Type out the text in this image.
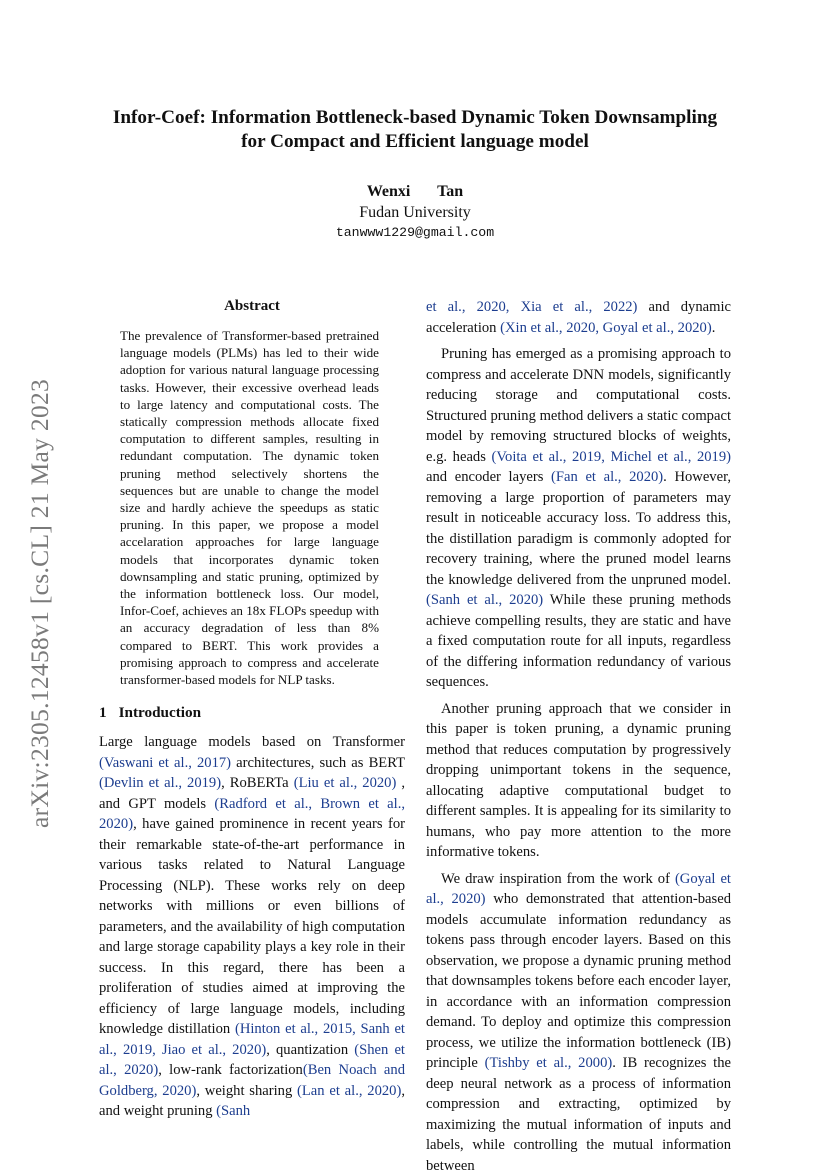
arXiv:2305.12458v1 [cs.CL] 21 May 2023
Infor-Coef: Information Bottleneck-based Dynamic Token Downsampling
for Compact and Efficient language model
Wenxi   Tan
Fudan University
tanwww1229@gmail.com
Abstract

The prevalence of Transformer-based pretrained language models (PLMs) has led to their wide adoption for various natural language processing tasks. However, their excessive overhead leads to large latency and computational costs. The statically compression methods allocate fixed computation to different samples, resulting in redundant computation. The dynamic token pruning method selectively shortens the sequences but are unable to change the model size and hardly achieve the speedups as static pruning. In this paper, we propose a model accelaration approaches for large language models that incorporates dynamic token downsampling and static pruning, optimized by the information bottleneck loss. Our model, Infor-Coef, achieves an 18x FLOPs speedup with an accuracy degradation of less than 8% compared to BERT. This work provides a promising approach to compress and accelerate transformer-based models for NLP tasks.

1 Introduction

Large language models based on Transformer (Vaswani et al., 2017) architectures, such as BERT (Devlin et al., 2019), RoBERTa (Liu et al., 2020) , and GPT models (Radford et al., Brown et al., 2020), have gained prominence in recent years for their remarkable state-of-the-art performance in various tasks related to Natural Language Processing (NLP). These works rely on deep networks with millions or even billions of parameters, and the availability of high computation and large storage capability plays a key role in their success. In this regard, there has been a proliferation of studies aimed at improving the efficiency of large language models, including knowledge distillation (Hinton et al., 2015, Sanh et al., 2019, Jiao et al., 2020), quantization (Shen et al., 2020), low-rank factorization(Ben Noach and Goldberg, 2020), weight sharing (Lan et al., 2020), and weight pruning (Sanh

et al., 2020, Xia et al., 2022) and dynamic acceleration (Xin et al., 2020, Goyal et al., 2020).

Pruning has emerged as a promising approach to compress and accelerate DNN models, significantly reducing storage and computational costs. Structured pruning method delivers a static compact model by removing structured blocks of weights, e.g. heads (Voita et al., 2019, Michel et al., 2019) and encoder layers (Fan et al., 2020). However, removing a large proportion of parameters may result in noticeable accuracy loss. To address this, the distillation paradigm is commonly adopted for recovery training, where the pruned model learns the knowledge delivered from the unpruned model. (Sanh et al., 2020) While these pruning methods achieve compelling results, they are static and have a fixed computation route for all inputs, regardless of the differing information redundancy of various sequences.

Another pruning approach that we consider in this paper is token pruning, a dynamic pruning method that reduces computation by progressively dropping unimportant tokens in the sequence, allocating adaptive computational budget to different samples. It is appealing for its similarity to humans, who pay more attention to the more informative tokens.

We draw inspiration from the work of (Goyal et al., 2020) who demonstrated that attention-based models accumulate information redundancy as tokens pass through encoder layers. Based on this observation, we propose a dynamic pruning method that downsamples tokens before each encoder layer, in accordance with an information compression demand. To deploy and optimize this compression process, we utilize the information bottleneck (IB) principle (Tishby et al., 2000). IB recognizes the deep neural network as a process of information compression and extracting, optimized by maximizing the mutual information of inputs and labels, while controlling the mutual information between
